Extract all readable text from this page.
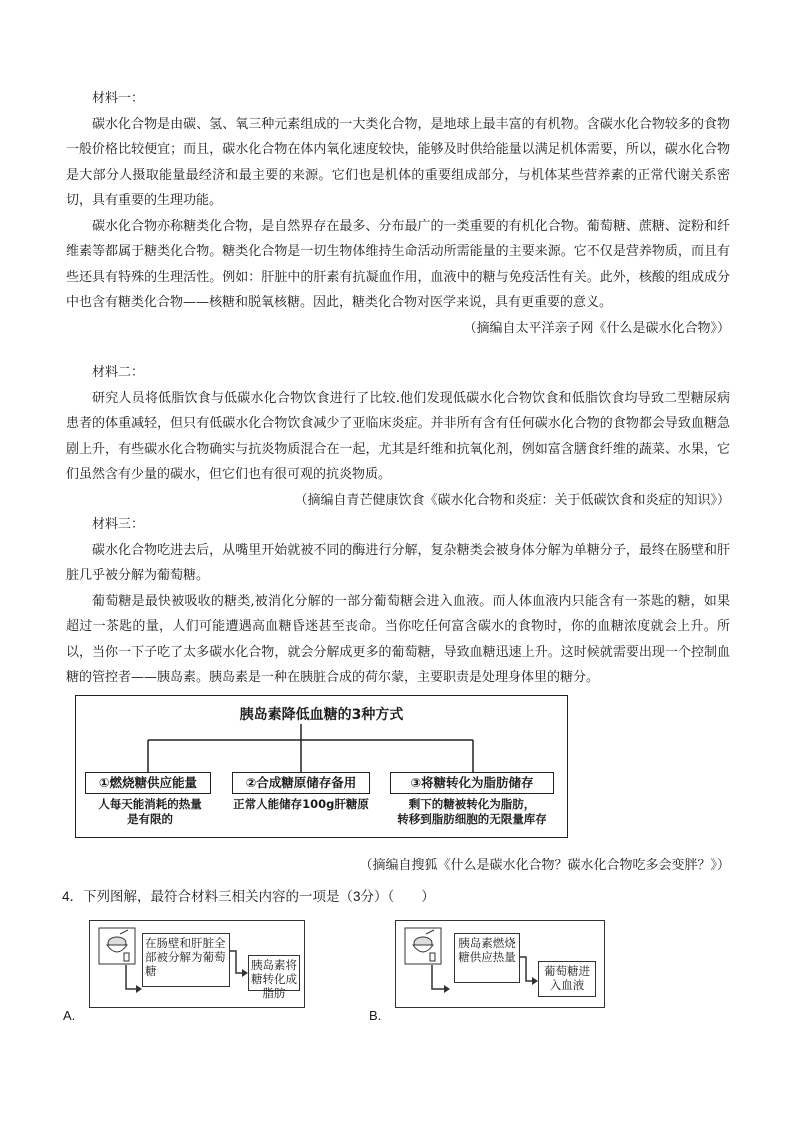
材料一：

碳水化合物是由碳、氢、氧三种元素组成的一大类化合物，是地球上最丰富的有机物。含碳水化合物较多的食物一般价格比较便宜；而且，碳水化合物在体内氧化速度较快，能够及时供给能量以满足机体需要，所以，碳水化合物是大部分人摄取能量最经济和最主要的来源。它们也是机体的重要组成部分，与机体某些营养素的正常代谢关系密切，具有重要的生理功能。

碳水化合物亦称糖类化合物，是自然界存在最多、分布最广的一类重要的有机化合物。葡萄糖、蔗糖、淀粉和纤维素等都属于糖类化合物。糖类化合物是一切生物体维持生命活动所需能量的主要来源。它不仅是营养物质，而且有些还具有特殊的生理活性。例如：肝脏中的肝素有抗凝血作用，血液中的糖与免疫活性有关。此外，核酸的组成成分中也含有糖类化合物——核糖和脱氧核糖。因此，糖类化合物对医学来说，具有更重要的意义。

（摘编自太平洋亲子网《什么是碳水化合物》）

材料二：

研究人员将低脂饮食与低碳水化合物饮食进行了比较.他们发现低碳水化合物饮食和低脂饮食均导致二型糖尿病患者的体重减轻，但只有低碳水化合物饮食减少了亚临床炎症。并非所有含有任何碳水化合物的食物都会导致血糖急剧上升，有些碳水化合物确实与抗炎物质混合在一起，尤其是纤维和抗氧化剂，例如富含膳食纤维的蔬菜、水果，它们虽然含有少量的碳水，但它们也有很可观的抗炎物质。

（摘编自青芒健康饮食《碳水化合物和炎症：关于低碳饮食和炎症的知识》）

材料三：

碳水化合物吃进去后，从嘴里开始就被不同的酶进行分解，复杂糖类会被身体分解为单糖分子，最终在肠壁和肝脏几乎被分解为葡萄糖。

葡萄糖是最快被吸收的糖类,被消化分解的一部分葡萄糖会进入血液。而人体血液内只能含有一茶匙的糖，如果超过一茶匙的量，人们可能遭遇高血糖昏迷甚至丧命。当你吃任何富含碳水的食物时，你的血糖浓度就会上升。所以，当你一下子吃了太多碳水化合物，就会分解成更多的葡萄糖，导致血糖迅速上升。这时候就需要出现一个控制血糖的管控者——胰岛素。胰岛素是一种在胰脏合成的荷尔蒙，主要职责是处理身体里的糖分。

胰岛素降低血糖的3种方式
①燃烧糖供应能量	②合成糖原储存备用	③将糖转化为脂肪储存
人每天能消耗的热量
是有限的
正常人能储存100g肝糖原	剩下的糖被转化为脂肪，
转移到脂肪细胞的无限量库存
（摘编自搜狐《什么是碳水化合物？碳水化合物吃多会变胖？》）
4．下列图解，最符合材料三相关内容的一项是（3分）（　　）
在肠壁和肝脏全部被分解为葡萄糖	胰岛素将糖转化成脂肪
A.
胰岛素燃烧糖供应热量
葡萄糖进入血液
B.
